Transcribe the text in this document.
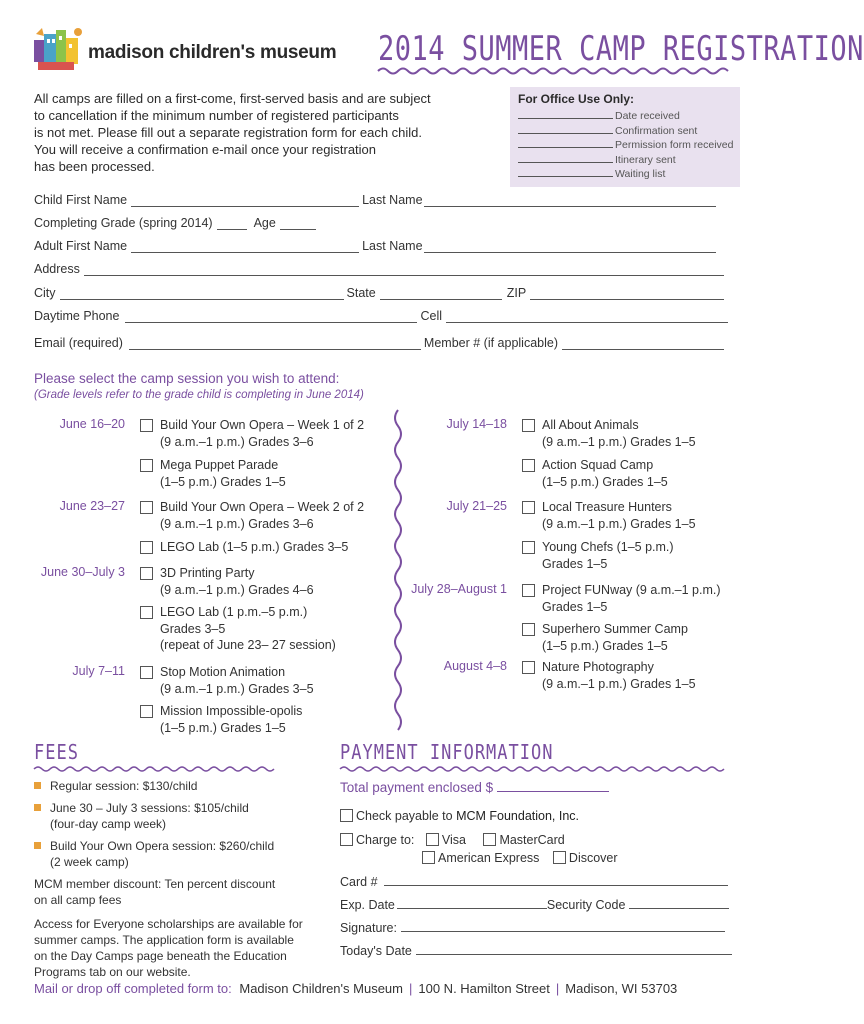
madison children's museum 2014 SUMMER CAMP REGISTRATION

All camps are filled on a first-come, first-served basis and are subject

to cancellation if the minimum number of registered participants

is not met. Please fill out a separate registration form for each child.

You will receive a confirmation e-mail once your registration

has been processed.

For Office Use Only:
Date received
Confirmation sent
Permission form received
Itinerary sent
Waiting list
Child First Name	Last Name
Completing Grade (spring 2014)	Age
Adult First Name	Last Name
Address
City	State	ZIP
Daytime Phone	Cell
Email (required)	Member # (if applicable)
Please select the camp session you wish to attend:
(Grade levels refer to the grade child is completing in June 2014)
June 16–20	Build Your Own Opera – Week 1 of 2
(9 a.m.–1 p.m.) Grades 3–6
Mega Puppet Parade
(1–5 p.m.) Grades 1–5
June 23–27	Build Your Own Opera – Week 2 of 2
(9 a.m.–1 p.m.) Grades 3–6
LEGO Lab (1–5 p.m.) Grades 3–5
June 30–July 3	3D Printing Party
(9 a.m.–1 p.m.) Grades 4–6
LEGO Lab (1 p.m.–5 p.m.)
Grades 3–5
(repeat of June 23– 27 session)
July 7–11	Stop Motion Animation
(9 a.m.–1 p.m.) Grades 3–5
Mission Impossible-opolis
(1–5 p.m.) Grades 1–5
July 14–18	All About Animals
(9 a.m.–1 p.m.) Grades 1–5
Action Squad Camp
(1–5 p.m.) Grades 1–5
July 21–25	Local Treasure Hunters
(9 a.m.–1 p.m.) Grades 1–5
Young Chefs (1–5 p.m.)
Grades 1–5
July 28–August 1	Project FUNway (9 a.m.–1 p.m.)
Grades 1–5
Superhero Summer Camp
(1–5 p.m.) Grades 1–5
August 4–8	Nature Photography
(9 a.m.–1 p.m.) Grades 1–5
FEES
Regular session: $130/child
June 30 – July 3 sessions: $105/child
(four-day camp week)
Build Your Own Opera session: $260/child
(2 week camp)
MCM member discount: Ten percent discount
on all camp fees
Access for Everyone scholarships are available for
summer camps. The application form is available
on the Day Camps page beneath the Education
Programs tab on our website.
PAYMENT INFORMATION
Total payment enclosed $
Check payable to MCM Foundation, Inc.
Charge to: Visa	MasterCard
American Express Discover
Card #
Exp. Date	Security Code
Signature:
Today's Date
Mail or drop off completed form to: Madison Children's Museum | 100 N. Hamilton Street | Madison, WI 53703
